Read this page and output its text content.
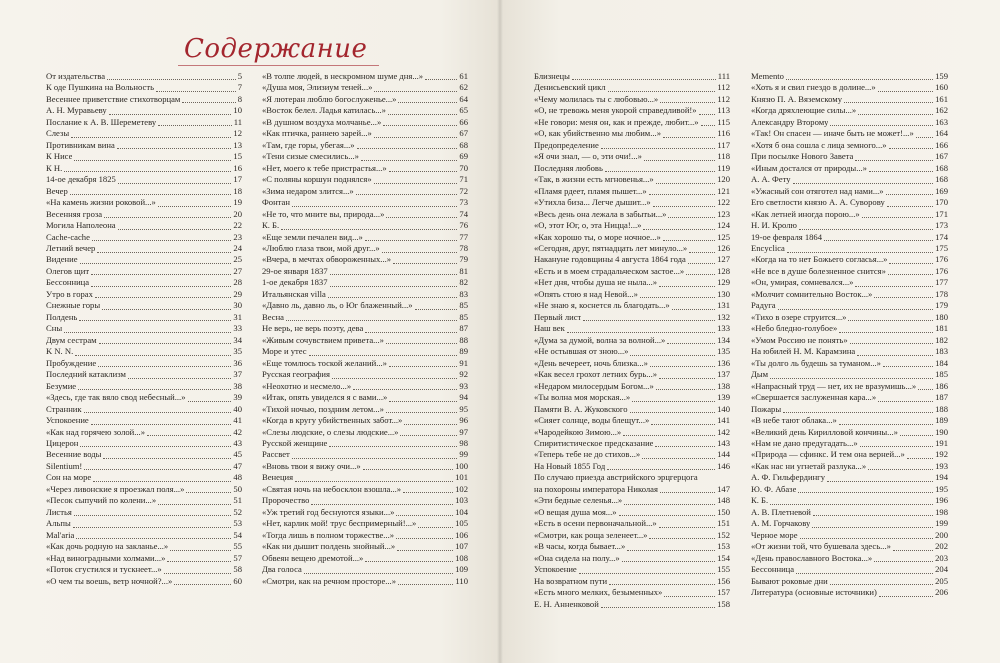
Содержание
От издательства	5
К оде Пушкина на Вольность	7
Весеннее приветствие стихотворцам	8
А. Н. Муравьеву	10
Послание к А. В. Шереметеву	11
Слезы	12
Противникам вина	13
К Нисе	15
К Н.	16
14-ое декабря 1825	17
Вечер	18
«На камень жизни роковой...»	19
Весенняя гроза	20
Могила Наполеона	22
Cache-cache	23
Летний вечер	24
Видение	25
Олегов щит	27
Бессонница	28
Утро в горах	29
Снежные горы	30
Полдень	31
Сны	33
Двум сестрам	34
K N. N.	35
Пробуждение	36
Последний катаклизм	37
Безумие	38
«Здесь, где так вяло свод небесный...»	39
Странник	40
Успокоение	41
«Как над горячею золой...»	42
Цицерон	43
Весенние воды	45
Silentium!	47
Сон на море	48
«Через ливонские я проезжал поля...»	50
«Песок сыпучий по колени...»	51
Листья	52
Альпы	53
Mal'aria	54
«Как дочь родную на закланье...»	55
«Над виноградными холмами...»	57
«Поток сгустился и тускнеет...»	58
«О чем ты воешь, ветр ночной?...»	60
«В толпе людей, в нескромном шуме дня...»	61
«Душа моя, Элизиум теней...»	62
«Я лютеран люблю богослуженье...»	64
«Восток белел. Ладья катилась...»	65
«В душном воздуха молчанье...»	66
«Как птичка, раннею зарей...»	67
«Там, где горы, убегая...»	68
«Тени сизые смесились...»	69
«Нет, моего к тебе пристрастья...»	70
«С поляны коршун поднялся»	71
«Зима недаром злится...»	72
Фонтан	73
«Не то, что мните вы, природа...»	74
К. Б.	76
«Еще земли печален вид...»	77
«Люблю глаза твои, мой друг...»	78
«Вчера, в мечтах обвороженных...»	79
29-ое января 1837	81
1-ое декабря 1837	82
Итальянская villa	83
«Давно ль, давно ль, о Юг блаженный...»	85
Весна	85
Не верь, не верь поэту, дева	87
«Живым сочувствием привета...»	88
Море и утес	89
«Еще томлюсь тоской желаний...»	91
Русская география	92
«Неохотно и несмело...»	93
«Итак, опять увиделся я с вами...»	94
«Тихой ночью, поздним летом...»	95
«Когда в кругу убийственных забот...»	96
«Слезы людские, о слезы людские...»	97
Русской женщине	98
Рассвет	99
«Вновь твои я вижу очи...»	100
Венеция	101
«Святая ночь на небосклон взошла...»	102
Пророчество	103
«Уж третий год беснуются языки...»	104
«Нет, карлик мой! трус беспримерный!...»	105
«Тогда лишь в полном торжестве...»	106
«Как ни дышит полдень знойный...»	107
Обвеян вещею дремотой...»	108
Два голоса	109
«Смотри, как на речном просторе...»	110
Близнецы	111
Денисьевский цикл	112
«Чему молилась ты с любовью...»	112
«О, не тревожь меня укорой справедливой!» 113
«Не говори: меня он, как и прежде, любит...» 115
«О, как убийственно мы любим...»	116
Предопределение	117
«Я очи знал, — о, эти очи!...»	118
Последняя любовь	119
«Так, в жизни есть мгновенья...»	120
«Пламя рдеет, пламя пышет...»	121
«Утихла биза... Легче дышит...»	122
«Весь день она лежала в забытьи...»	123
«О, этот Юг, о, эта Ницца!...»	124
«Как хорошо ты, о море ночное...»	125
«Сегодня, друг, пятнадцать лет минуло...»	126
Накануне годовщины 4 августа 1864 года	127
«Есть и в моем страдальческом застое...»	128
«Нет дня, чтобы душа не ныла...»	129
«Опять стою я над Невой...»	130
«Не знаю я, коснется ль благодать...»	131
Первый лист	132
Наш век	133
«Дума за думой, волна за волной...»	134
«Не остывшая от зною...»	135
«День вечереет, ночь близка...»	136
«Как весел грохот летних бурь...»	137
«Недаром милосердым Богом...»	138
«Ты волна моя морская...»	139
Памяти В. А. Жуковского	140
«Сияет солнце, воды блещут...»	141
«Чародейкою Зимою...»	142
Спиритистическое предсказание	143
«Теперь тебе не до стихов...»	144
На Новый 1855 Год	146
По случаю приезда австрийского эрцгерцога
на похороны императора Николая	147
«Эти бедные селенья...»	148
«О вещая душа моя...»	150
«Есть в осени первоначальной...»	151
«Смотри, как роща зеленеет...»	152
«В часы, когда бывает...»	153
«Она сидела на полу...»	154
Успокоение	155
На возвратном пути	156
«Есть много мелких, безыменных»	157
Е. Н. Анненковой	158
Memento	159
«Хоть я и свил гнездо в долине...»	160
Князю П. А. Вяземскому	161
«Когда дряхлеющие силы...»	162
Александру Второму	163
«Так! Он спасен — иначе быть не может!...» 164
«Хотя б она сошла с лица земного...»	166
При посылке Нового Завета	167
«Иным достался от природы...»	168
А. А. Фету	168
«Ужасный сон отяготел над нами...»	169
Его светлости князю А. А. Суворову	170
«Как летней иногда порою...»	171
Н. И. Кролю	173
19-ое февраля 1864	174
Encyclica	175
«Когда на то нет Божьего согласья...»	176
«Не все в душе болезненное снится»	176
«Он, умирая, сомневался...»	177
«Молчит сомнительно Восток...»	178
Радуга	179
«Тихо в озере струится...»	180
«Небо бледно-голубое»	181
«Умом Россию не понять»	182
На юбилей Н. М. Карамзина	183
«Ты долго ль будешь за туманом...»	184
Дым	185
«Напрасный труд — нет, их не вразумишь...» 186
«Свершается заслуженная кара...»	187
Пожары	188
«В небе тают облака...»	189
«Великий день Кирилловой кончины...»	190
«Нам не дано предугадать...»	191
«Природа — сфинкс. И тем она верней...»	192
«Как нас ни угнетай разлука...»	193
А. Ф. Гильфердингу	194
Ю. Ф. Абазе	195
К. Б.	196
А. В. Плетневой	198
А. М. Горчакову	199
Черное море	200
«От жизни той, что бушевала здесь...»	202
«День православного Востока...»	203
Бессонница	204
Бывают роковые дни	205
Литература (основные источники)	206
